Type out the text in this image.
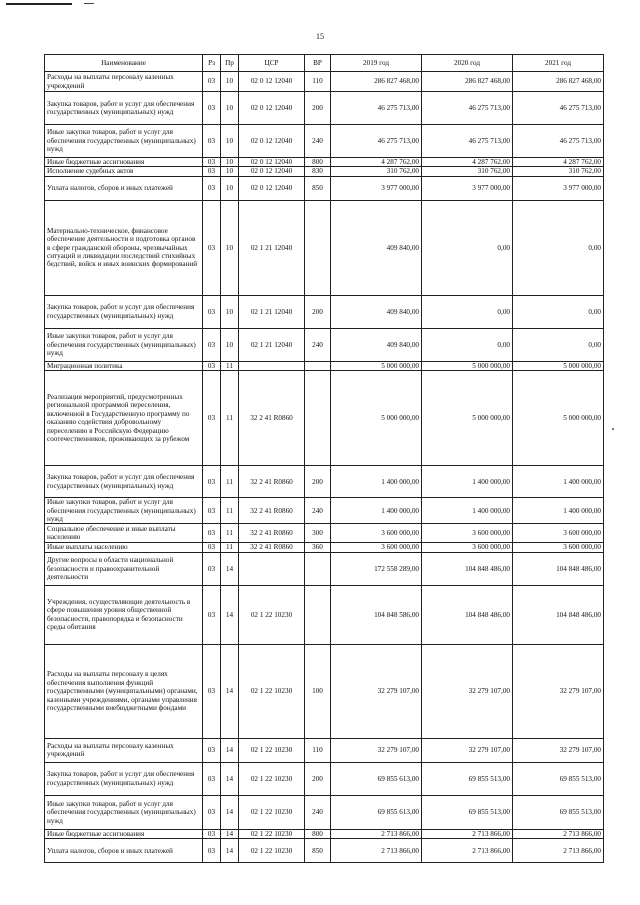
15
Наименование	Рз	Пр	ЦСР	ВР	2019 год	2020 год	2021 год
Расходы на выплаты персоналу казенных учреждений	03	10	02 0 12 12040	110	286 827 468,00	286 827 468,00	286 827 468,00
Закупка товаров, работ и услуг для обеспечения государственных (муниципальных) нужд	03	10	02 0 12 12040	200	46 275 713,00	46 275 713,00	46 275 713,00
Иные закупки товаров, работ и услуг для обеспечения государственных (муниципальных) нужд	03	10	02 0 12 12040	240	46 275 713,00	46 275 713,00	46 275 713,00
Иные бюджетные ассигнования	03	10	02 0 12 12040	800	4 287 762,00	4 287 762,00	4 287 762,00
Исполнение судебных актов	03	10	02 0 12 12040	830	310 762,00	310 762,00	310 762,00
Уплата налогов, сборов и иных платежей	03	10	02 0 12 12040	850	3 977 000,00	3 977 000,00	3 977 000,00
Материально-техническое, финансовое обеспечение деятельности и подготовка органов в сфере гражданской обороны, чрезвычайных ситуаций и ликвидации последствий стихийных бедствий, войск и иных воинских формирований	03	10	02 1 21 12040		409 840,00	0,00	0,00
Закупка товаров, работ и услуг для обеспечения государственных (муниципальных) нужд	03	10	02 1 21 12040	200	409 840,00	0,00	0,00
Иные закупки товаров, работ и услуг для обеспечения государственных (муниципальных) нужд	03	10	02 1 21 12040	240	409 840,00	0,00	0,00
Миграционная политика	03	11			5 000 000,00	5 000 000,00	5 000 000,00
Реализация мероприятий, предусмотренных региональной программой переселения, включенной в Государственную программу по оказанию содействия добровольному переселению в Российскую Федерацию соотечественников, проживающих за рубежом	03	11	32 2 41 R0860		5 000 000,00	5 000 000,00	5 000 000,00
Закупка товаров, работ и услуг для обеспечения государственных (муниципальных) нужд	03	11	32 2 41 R0860	200	1 400 000,00	1 400 000,00	1 400 000,00
Иные закупки товаров, работ и услуг для обеспечения государственных (муниципальных) нужд	03	11	32 2 41 R0860	240	1 400 000,00	1 400 000,00	1 400 000,00
Социальное обеспечение и иные выплаты населению	03	11	32 2 41 R0860	300	3 600 000,00	3 600 000,00	3 600 000,00
Иные выплаты населению	03	11	32 2 41 R0860	360	3 600 000,00	3 600 000,00	3 600 000,00
Другие вопросы в области национальной безопасности и правоохранительной деятельности	03	14			172 558 289,00	104 848 486,00	104 848 486,00
Учреждения, осуществляющие деятельность в сфере повышения уровня общественной безопасности, правопорядка и безопасности среды обитания	03	14	02 1 22 10230		104 848 586,00	104 848 486,00	104 848 486,00
Расходы на выплаты персоналу в целях обеспечения выполнения функций государственными (муниципальными) органами, казенными учреждениями, органами управления государственными внебюджетными фондами	03	14	02 1 22 10230	100	32 279 107,00	32 279 107,00	32 279 107,00
Расходы на выплаты персоналу казенных учреждений	03	14	02 1 22 10230	110	32 279 107,00	32 279 107,00	32 279 107,00
Закупка товаров, работ и услуг для обеспечения государственных (муниципальных) нужд	03	14	02 1 22 10230	200	69 855 613,00	69 855 513,00	69 855 513,00
Иные закупки товаров, работ и услуг для обеспечения государственных (муниципальных) нужд	03	14	02 1 22 10230	240	69 855 613,00	69 855 513,00	69 855 513,00
Иные бюджетные ассигнования	03	14	02 1 22 10230	800	2 713 866,00	2 713 866,00	2 713 866,00
Уплата налогов, сборов и иных платежей	03	14	02 1 22 10230	850	2 713 866,00	2 713 866,00	2 713 866,00
